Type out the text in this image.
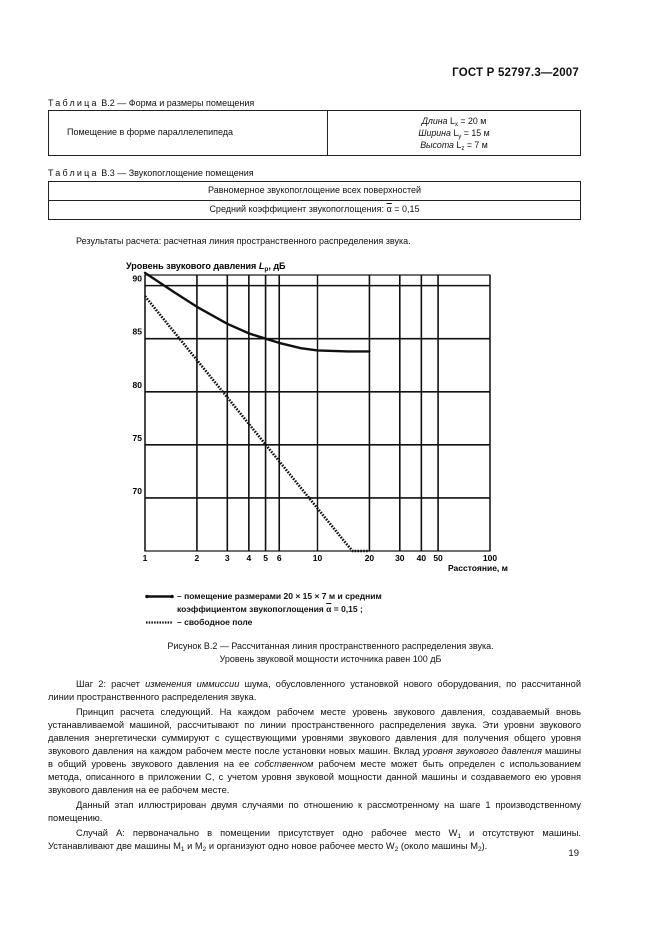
ГОСТ Р 52797.3—2007
Таблица B.2 — Форма и размеры помещения
Помещение в форме параллелепипеда	
Длина $L_x = 20$ м
Ширина $L_y = 15$ м
Высота $L_z = 7$ м
Таблица B.3 — Звукопоглощение помещения
Равномерное звукопоглощение всех поверхностей
Средний коэффициент звукопоглощения: $\overline{\alpha} = 0,15$
Результаты расчета: расчетная линия пространственного распределения звука.
Уровень звукового давления $L_p$, дБ
Расстояние, м
1	2	3 4 5 6	10	20 30 40 50	100
70
75
80
85
90
– помещение размерами 20 × 15 × 7 м и средним
коэффициентом звукопоглощения $\overline{\alpha} = 0,15$ ;
– свободное поле
Рисунок В.2 — Рассчитанная линия пространственного распределения звука.
Уровень звуковой мощности источника равен 100 дБ

Шаг 2: расчет изменения иммиссии шума, обусловленного установкой нового оборудования, по рассчитанной линии пространственного распределения звука.

Принцип расчета следующий. На каждом рабочем месте уровень звукового давления, создаваемый вновь устанавливаемой машиной, рассчитывают по линии пространственного распределения звука. Эти уровни звукового давления энергетически суммируют с существующими уровнями звукового давления для получения общего уровня звукового давления на каждом рабочем месте после установки новых машин. Вклад уровня звукового давления машины в общий уровень звукового давления на ее собственном рабочем месте может быть определен с использованием метода, описанного в приложении С, с учетом уровня звуковой мощности данной машины и создаваемого ею уровня звукового давления на ее рабочем месте.

Данный этап иллюстрирован двумя случаями по отношению к рассмотренному на шаге 1 производственному помещению.

Случай А: первоначально в помещении присутствует одно рабочее место $W_1$ и отсутствуют машины. Устанавливают две машины $M_1$ и $M_2$ и организуют одно новое рабочее место $W_2$ (около машины $M_2$).

19
